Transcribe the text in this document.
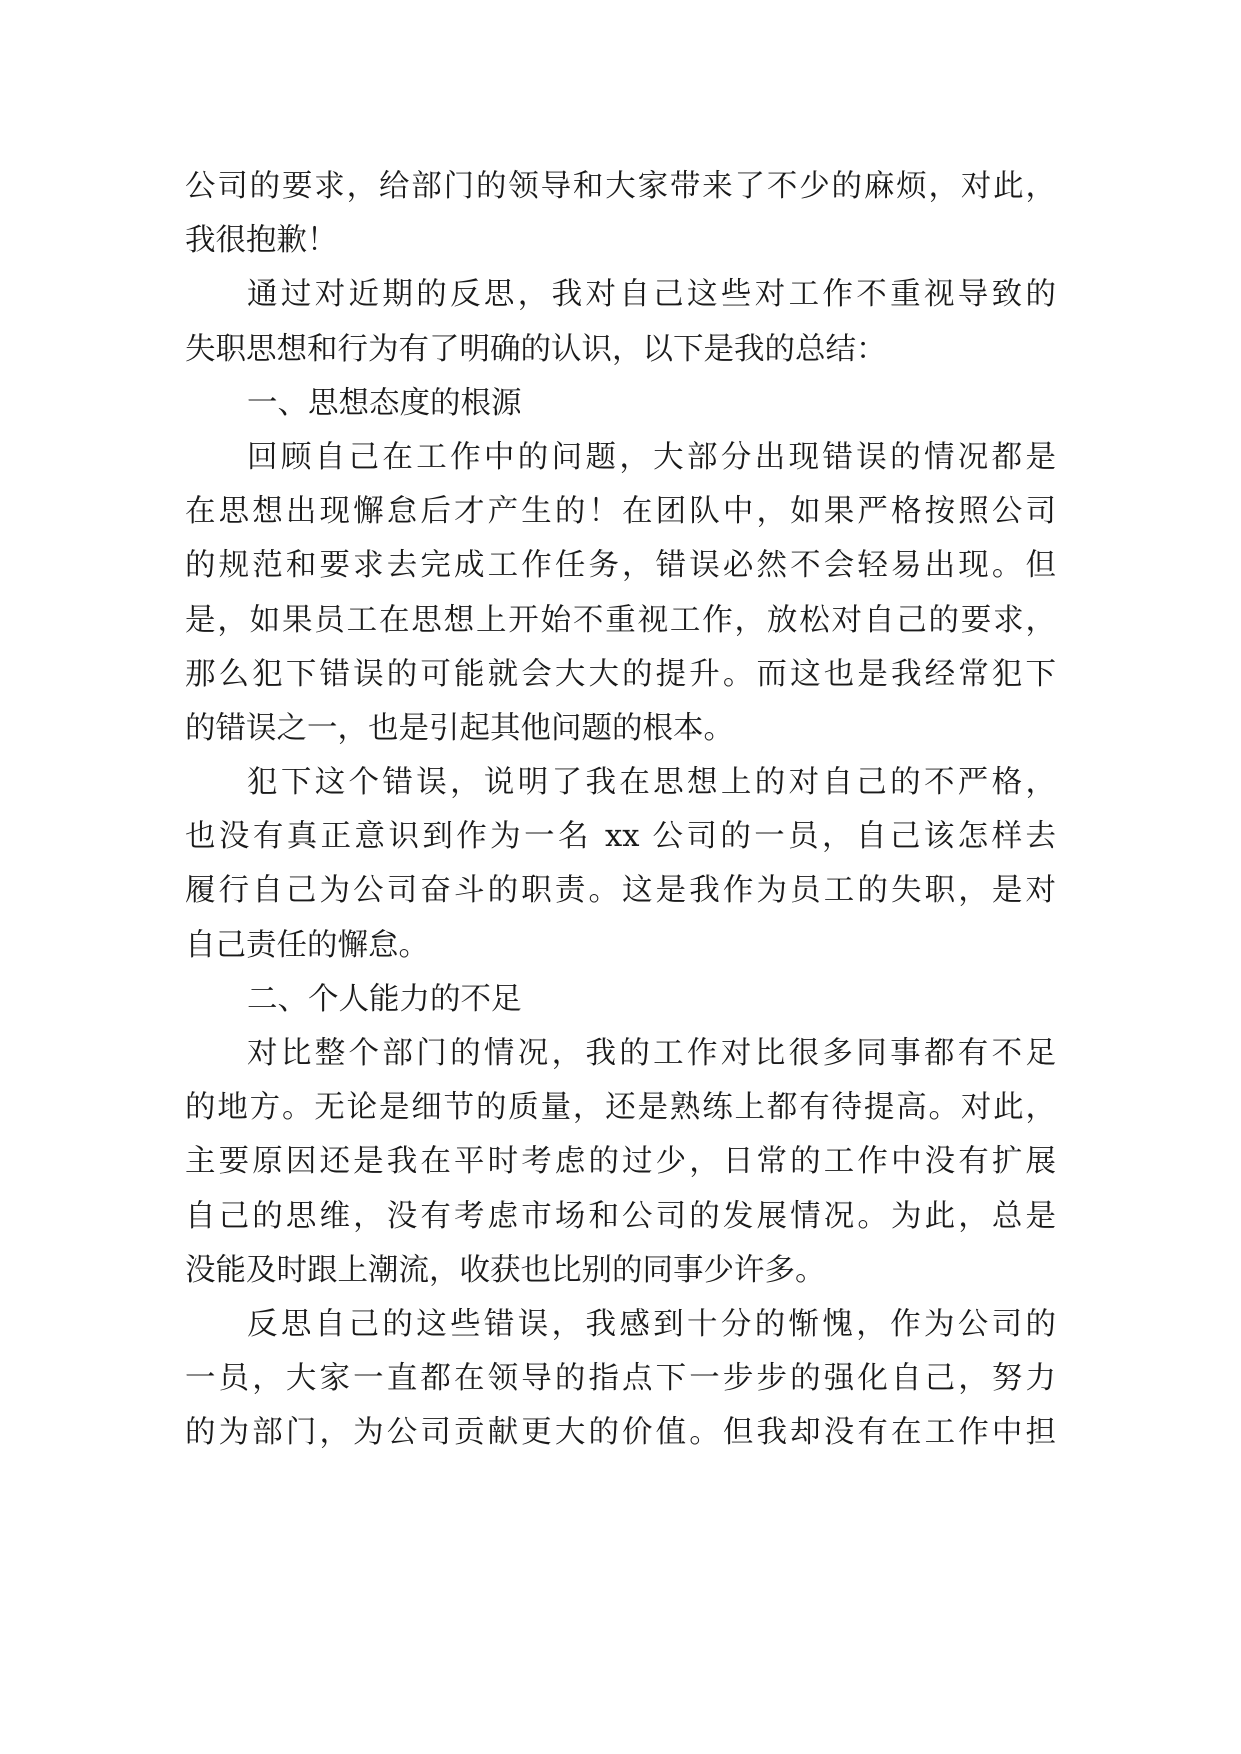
公司的要求，给部门的领导和大家带来了不少的麻烦，对此，
我很抱歉！
通过对近期的反思，我对自己这些对工作不重视导致的
失职思想和行为有了明确的认识，以下是我的总结：
一、思想态度的根源
回顾自己在工作中的问题，大部分出现错误的情况都是
在思想出现懈怠后才产生的！在团队中，如果严格按照公司
的规范和要求去完成工作任务，错误必然不会轻易出现。但
是，如果员工在思想上开始不重视工作，放松对自己的要求，
那么犯下错误的可能就会大大的提升。而这也是我经常犯下
的错误之一，也是引起其他问题的根本。
犯下这个错误，说明了我在思想上的对自己的不严格，
也没有真正意识到作为一名 xx 公司的一员，自己该怎样去
履行自己为公司奋斗的职责。这是我作为员工的失职，是对
自己责任的懈怠。
二、个人能力的不足
对比整个部门的情况，我的工作对比很多同事都有不足
的地方。无论是细节的质量，还是熟练上都有待提高。对此，
主要原因还是我在平时考虑的过少，日常的工作中没有扩展
自己的思维，没有考虑市场和公司的发展情况。为此，总是
没能及时跟上潮流，收获也比别的同事少许多。
反思自己的这些错误，我感到十分的惭愧，作为公司的
一员，大家一直都在领导的指点下一步步的强化自己，努力
的为部门，为公司贡献更大的价值。但我却没有在工作中担
